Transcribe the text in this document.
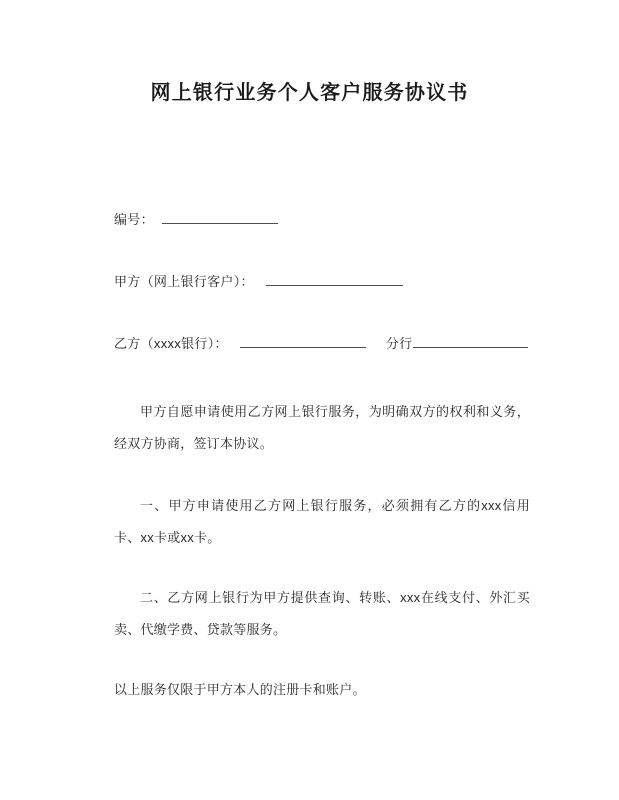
网上银行业务个人客户服务协议书
编号：
甲方（网上银行客户）：
乙方（xxxx银行）：	分行

甲方自愿申请使用乙方网上银行服务，为明确双方的权利和义务，经双方协商，签订本协议。

一、甲方申请使用乙方网上银行服务，必须拥有乙方的xxx信用卡、xx卡或xx卡。

二、乙方网上银行为甲方提供查询、转账、xxx在线支付、外汇买卖、代缴学费、贷款等服务。

以上服务仅限于甲方本人的注册卡和账户。
